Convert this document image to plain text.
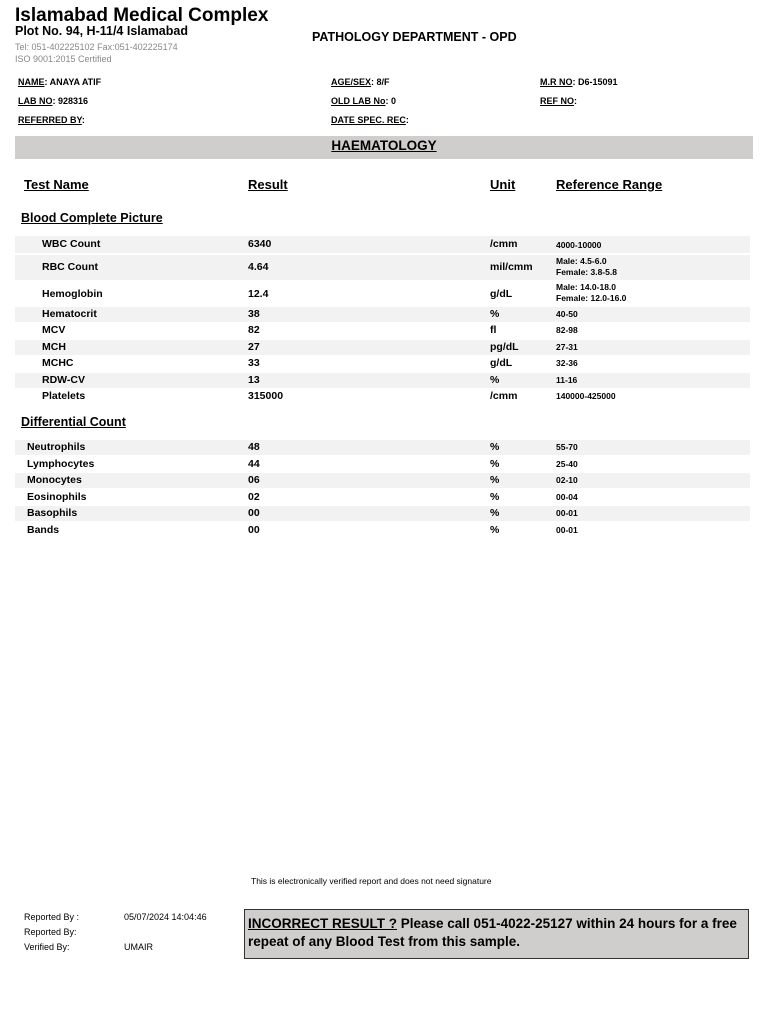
Islamabad Medical Complex
Plot No. 94, H-11/4 Islamabad
Tel: 051-402225102 Fax:051-402225174
ISO 9001:2015 Certified
PATHOLOGY DEPARTMENT - OPD
NAME: ANAYA ATIF	AGE/SEX: 8/F	M.R NO: D6-15091
LAB NO: 928316	OLD LAB No: 0	REF NO:
REFERRED BY:	DATE SPEC. REC:
HAEMATOLOGY
Test Name	Result	Unit	Reference Range
Blood Complete Picture
WBC Count	6340	/cmm	4000-10000
RBC Count	4.64	mil/cmm	Male: 4.5-6.0
Female: 3.8-5.8
Hemoglobin	12.4	g/dL
Male: 14.0-18.0
Female: 12.0-16.0
Hematocrit	38	%	40-50
MCV	82	fl	82-98
MCH	27	pg/dL	27-31
MCHC	33	g/dL	32-36
RDW-CV	13	%	11-16
Platelets	315000	/cmm	140000-425000
Differential Count
Neutrophils	48	%	55-70
Lymphocytes	44	%	25-40
Monocytes	06	%	02-10
Eosinophils	02	%	00-04
Basophils	00	%	00-01
Bands	00	%	00-01
This is electronically verified report and does not need signature
Reported By :	05/07/2024 14:04:46
Reported By:
Verified By:	UMAIR
INCORRECT RESULT ? Please call 051-4022-25127 within 24 hours for a free repeat of any Blood Test from this sample.
